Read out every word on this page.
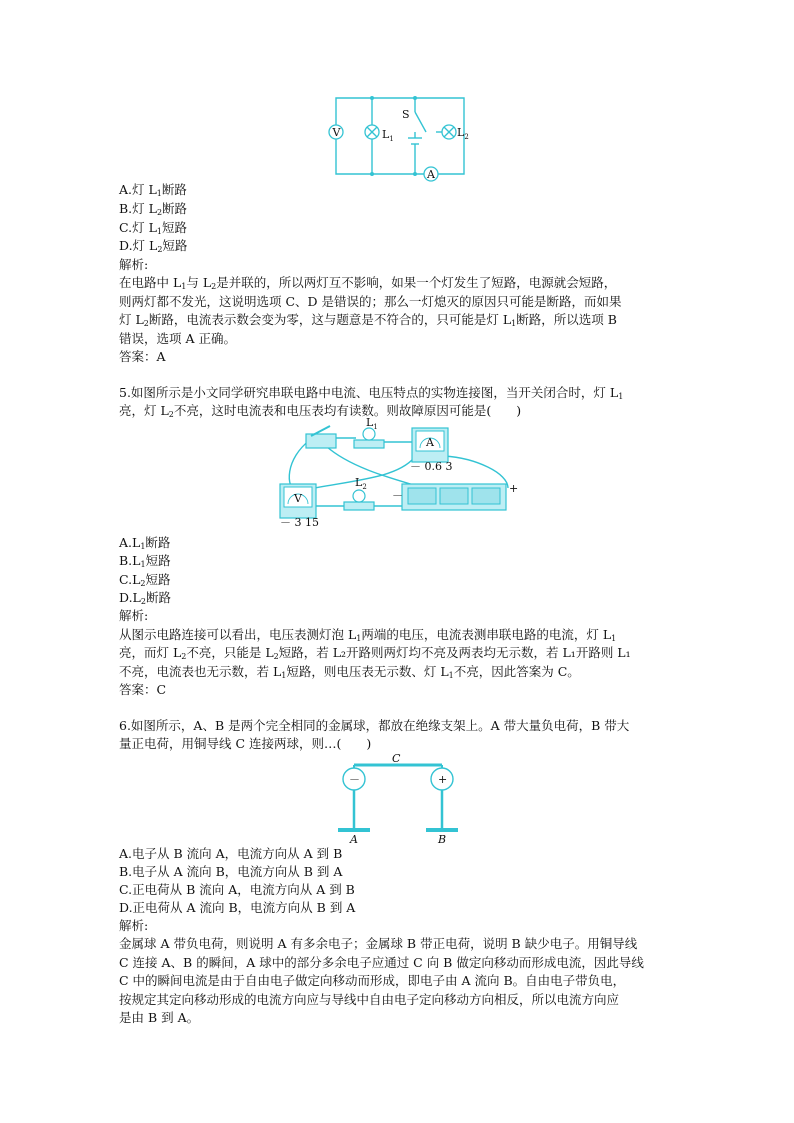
V	$L_1$
S
$L_2$
A
A.灯 $L_1$断路
B.灯 $L_2$断路
C.灯 $L_1$短路
D.灯 $L_2$短路
解析:
在电路中 $L_1$与 $L_2$是并联的，所以两灯互不影响，如果一个灯发生了短路，电源就会短路，
则两灯都不发光，这说明选项 C、D 是错误的；那么一灯熄灭的原因只可能是断路，而如果
灯 $L_2$断路，电流表示数会变为零，这与题意是不符合的，只可能是灯 $L_1$断路，所以选项 B
错误，选项 A 正确。
答案：A
5.如图所示是小文同学研究串联电路中电流、电压特点的实物连接图，当开关闭合时，灯 $L_1$
亮，灯 $L_2$不亮，这时电流表和电压表均有读数。则故障原因可能是(　　)
$L_1$
A
－ 0.6 3
V
－ 3 15
$L_2$
－
+
$A.L_1$断路
$B.L_1$短路
$C.L_2$短路
$D.L_2$断路
解析:
从图示电路连接可以看出，电压表测灯泡 $L_1$两端的电压，电流表测串联电路的电流，灯 $L_1$
亮，而灯 $L_2$不亮，只能是 $L_2$短路，若 L₂开路则两灯均不亮及两表均无示数，若 L₁开路则 L₁
不亮，电流表也无示数，若 $L_1$短路，则电压表无示数、灯 $L_1$不亮，因此答案为 C。
答案：C
6.如图所示，A、B 是两个完全相同的金属球，都放在绝缘支架上。A 带大量负电荷，B 带大
量正电荷，用铜导线 C 连接两球，则…(　　)
C
－	+
A	B
A.电子从 B 流向 A，电流方向从 A 到 B
B.电子从 A 流向 B，电流方向从 B 到 A
C.正电荷从 B 流向 A，电流方向从 A 到 B
D.正电荷从 A 流向 B，电流方向从 B 到 A
解析:
金属球 A 带负电荷，则说明 A 有多余电子；金属球 B 带正电荷，说明 B 缺少电子。用铜导线
C 连接 A、B 的瞬间，A 球中的部分多余电子应通过 C 向 B 做定向移动而形成电流，因此导线
C 中的瞬间电流是由于自由电子做定向移动而形成，即电子由 A 流向 B。自由电子带负电，
按规定其定向移动形成的电流方向应与导线中自由电子定向移动方向相反，所以电流方向应
是由 B 到 A。
